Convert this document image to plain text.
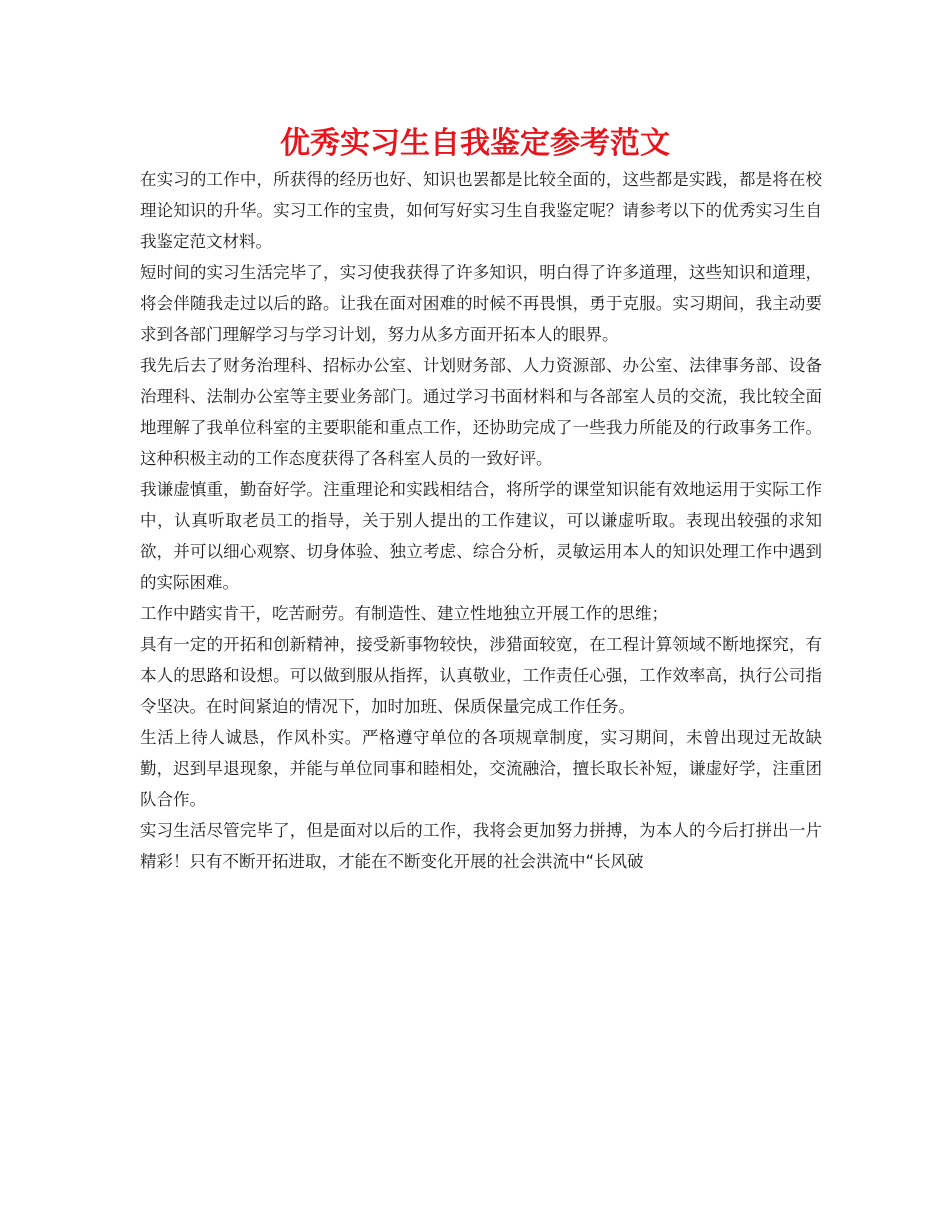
优秀实习生自我鉴定参考范文

在实习的工作中，所获得的经历也好、知识也罢都是比较全面的，这些都是实践，都是将在校理论知识的升华。实习工作的宝贵，如何写好实习生自我鉴定呢？请参考以下的优秀实习生自我鉴定范文材料。

短时间的实习生活完毕了，实习使我获得了许多知识，明白得了许多道理，这些知识和道理，将会伴随我走过以后的路。让我在面对困难的时候不再畏惧，勇于克服。实习期间，我主动要求到各部门理解学习与学习计划，努力从多方面开拓本人的眼界。

我先后去了财务治理科、招标办公室、计划财务部、人力资源部、办公室、法律事务部、设备治理科、法制办公室等主要业务部门。通过学习书面材料和与各部室人员的交流，我比较全面地理解了我单位科室的主要职能和重点工作，还协助完成了一些我力所能及的行政事务工作。这种积极主动的工作态度获得了各科室人员的一致好评。

我谦虚慎重，勤奋好学。注重理论和实践相结合，将所学的课堂知识能有效地运用于实际工作中，认真听取老员工的指导，关于别人提出的工作建议，可以谦虚听取。表现出较强的求知欲，并可以细心观察、切身体验、独立考虑、综合分析，灵敏运用本人的知识处理工作中遇到的实际困难。

工作中踏实肯干，吃苦耐劳。有制造性、建立性地独立开展工作的思维；

具有一定的开拓和创新精神，接受新事物较快，涉猎面较宽，在工程计算领域不断地探究，有本人的思路和设想。可以做到服从指挥，认真敬业，工作责任心强，工作效率高，执行公司指令坚决。在时间紧迫的情况下，加时加班、保质保量完成工作任务。

生活上待人诚恳，作风朴实。严格遵守单位的各项规章制度，实习期间，未曾出现过无故缺勤，迟到早退现象，并能与单位同事和睦相处，交流融洽，擅长取长补短，谦虚好学，注重团队合作。

实习生活尽管完毕了，但是面对以后的工作，我将会更加努力拼搏，为本人的今后打拼出一片精彩！只有不断开拓进取，才能在不断变化开展的社会洪流中“长风破
